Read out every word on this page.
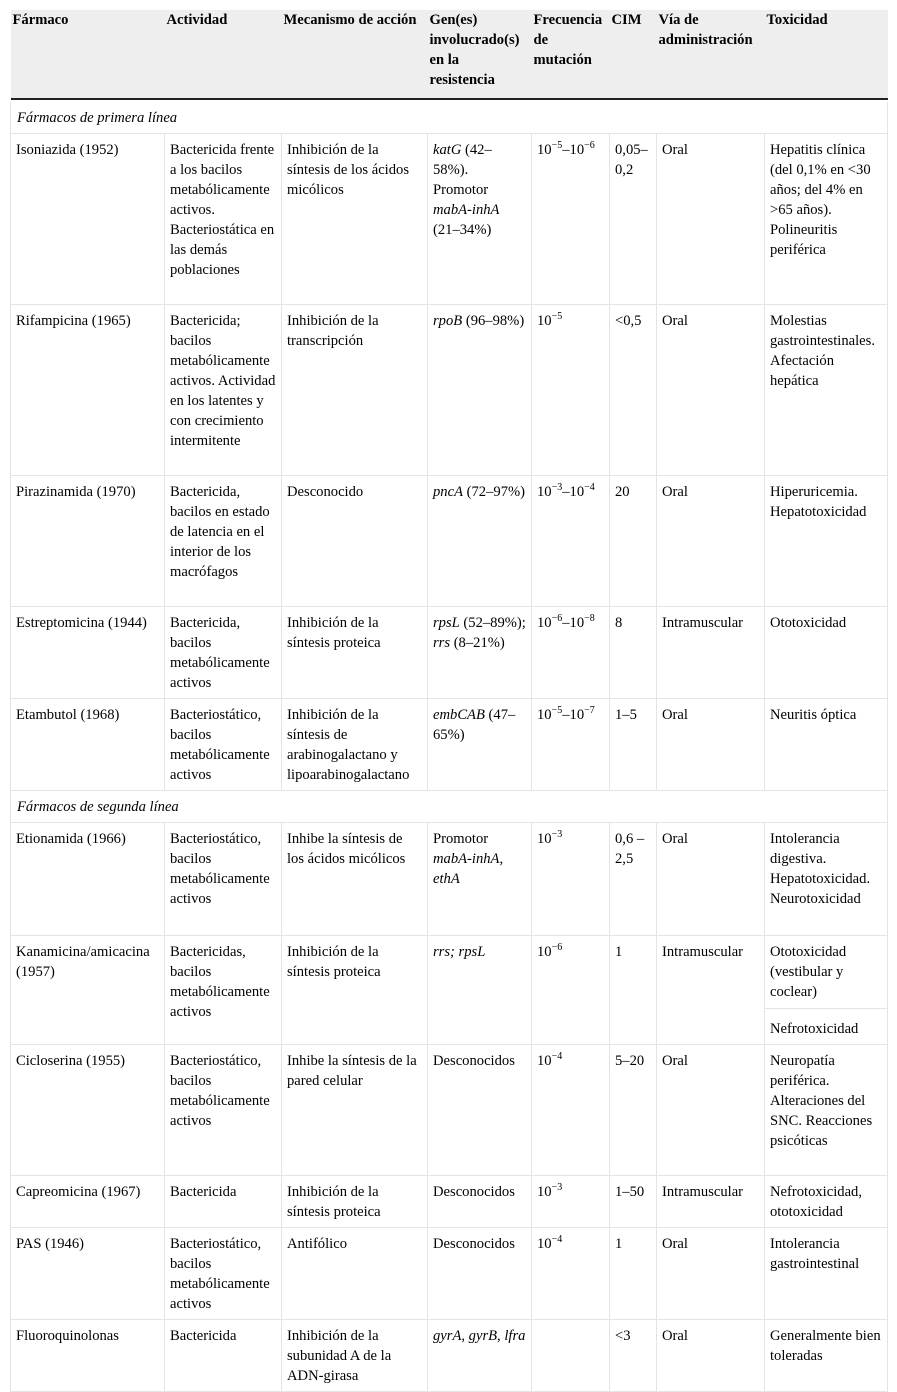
Fármaco	Actividad	Mecanismo de acción	Gen(es) involucrado(s) en la resistencia	Frecuencia de mutación	CIM	Vía de administración	Toxicidad

Fármacos de primera línea							
Isoniazida (1952)	Bactericida frente a los bacilos metabólicamente activos. Bacteriostática en las demás poblaciones	Inhibición de la síntesis de los ácidos micólicos	katG (42–58%). Promotor mabA-inhA (21–34%)	$10^{-5}-10^{-6}$	0,05–0,2	Oral	Hepatitis clínica (del 0,1% en <30 años; del 4% en >65 años). Polineuritis periférica
Rifampicina (1965)	Bactericida; bacilos metabólicamente activos. Actividad en los latentes y con crecimiento intermitente	Inhibición de la transcripción	rpoB (96–98%)	$10^{-5}$	<0,5	Oral	Molestias gastrointestinales. Afectación hepática
Pirazinamida (1970)	Bactericida, bacilos en estado de latencia en el interior de los macrófagos	Desconocido	pncA (72–97%)	$10^{-3}-10^{-4}$	20	Oral	Hiperuricemia. Hepatotoxicidad
Estreptomicina (1944)	Bactericida, bacilos metabólicamente activos	Inhibición de la síntesis proteica	rpsL (52–89%); rrs (8–21%)	$10^{-6}-10^{-8}$	8	Intramuscular	Ototoxicidad
Etambutol (1968)	Bacteriostático, bacilos metabólicamente activos	Inhibición de la síntesis de arabinogalactano y lipoarabinogalactano	embCAB (47–65%)	$10^{-5}-10^{-7}$	1–5	Oral	Neuritis óptica
Fármacos de segunda línea							
Etionamida (1966)	Bacteriostático, bacilos metabólicamente activos	Inhibe la síntesis de los ácidos micólicos	Promotor mabA-inhA, ethA	$10^{-3}$	0,6 – 2,5	Oral	Intolerancia digestiva. Hepatotoxicidad. Neurotoxicidad
Kanamicina/amicacina (1957)	Bactericidas, bacilos metabólicamente activos	Inhibición de la síntesis proteica	rrs; rpsL	$10^{-6}$	1	Intramuscular	Ototoxicidad (vestibular y coclear)
Nefrotoxicidad

Cicloserina (1955)	Bacteriostático, bacilos metabólicamente activos	Inhibe la síntesis de la pared celular	Desconocidos	$10^{-4}$	5–20	Oral	Neuropatía periférica. Alteraciones del SNC. Reacciones psicóticas
Capreomicina (1967)	Bactericida	Inhibición de la síntesis proteica	Desconocidos	$10^{-3}$	1–50	Intramuscular	Nefrotoxicidad, ototoxicidad
PAS (1946)	Bacteriostático, bacilos metabólicamente activos	Antifólico	Desconocidos	$10^{-4}$	1	Oral	Intolerancia gastrointestinal
Fluoroquinolonas	Bactericida	Inhibición de la subunidad A de la ADN-girasa	gyrA, gyrB, lfra		<3	Oral	Generalmente bien toleradas
